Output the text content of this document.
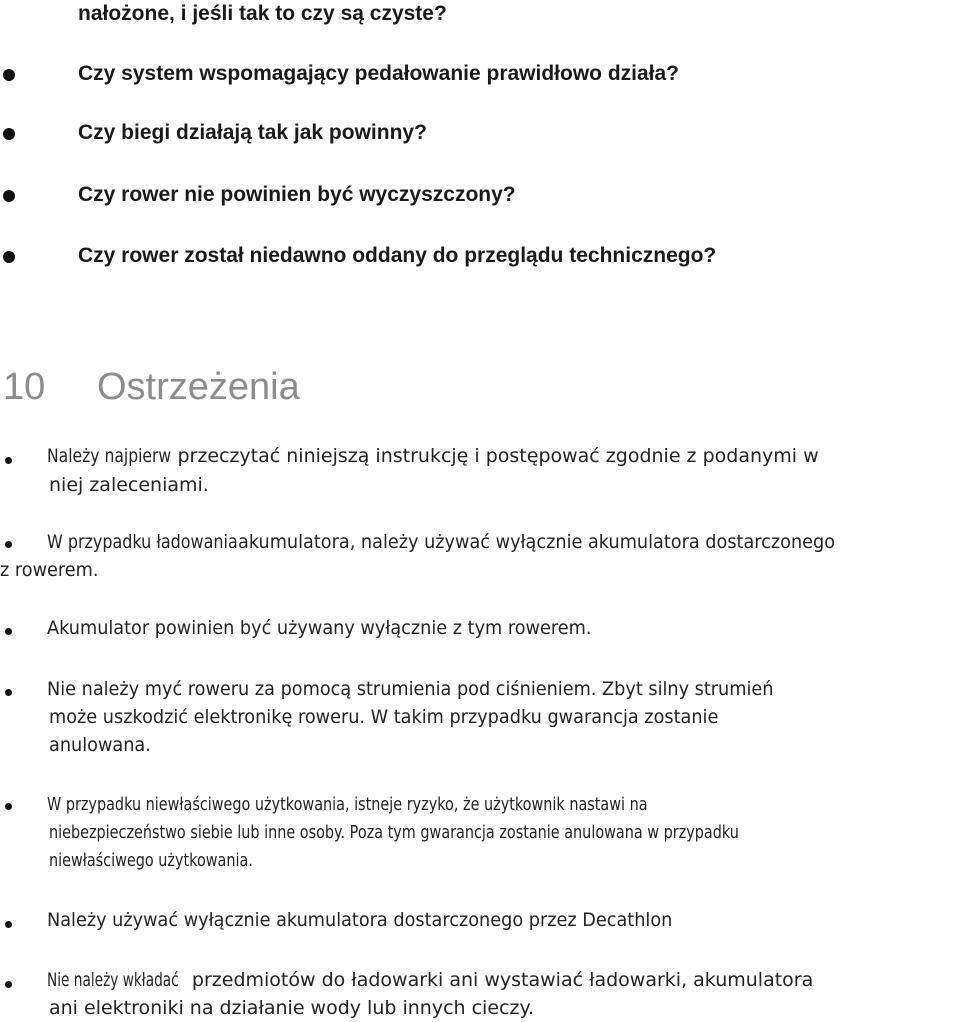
nałożone, i jeśli tak to czy są czyste?
Czy system wspomagający pedałowanie prawidłowo działa?
Czy biegi działają tak jak powinny?
Czy rower nie powinien być wyczyszczony?
Czy rower został niedawno oddany do przeglądu technicznego?
10 Ostrzeżenia
Należy najpierw przeczytać niniejszą instrukcję i postępować zgodnie z podanymi w
niej zaleceniami.
W przypadku ładowaniaakumulatora, należy używać wyłącznie akumulatora dostarczonego
z rowerem.
Akumulator powinien być używany wyłącznie z tym rowerem.
Nie należy myć roweru za pomocą strumienia pod ciśnieniem. Zbyt silny strumień
może uszkodzić elektronikę roweru. W takim przypadku gwarancja zostanie
anulowana.
W przypadku niewłaściwego użytkowania, istneje ryzyko, że użytkownik nastawi na
niebezpieczeństwo siebie lub inne osoby. Poza tym gwarancja zostanie anulowana w przypadku
niewłaściwego użytkowania.
Należy używać wyłącznie akumulatora dostarczonego przez Decathlon
Nie należy wkładać przedmiotów do ładowarki ani wystawiać ładowarki, akumulatora
ani elektroniki na działanie wody lub innych cieczy.
